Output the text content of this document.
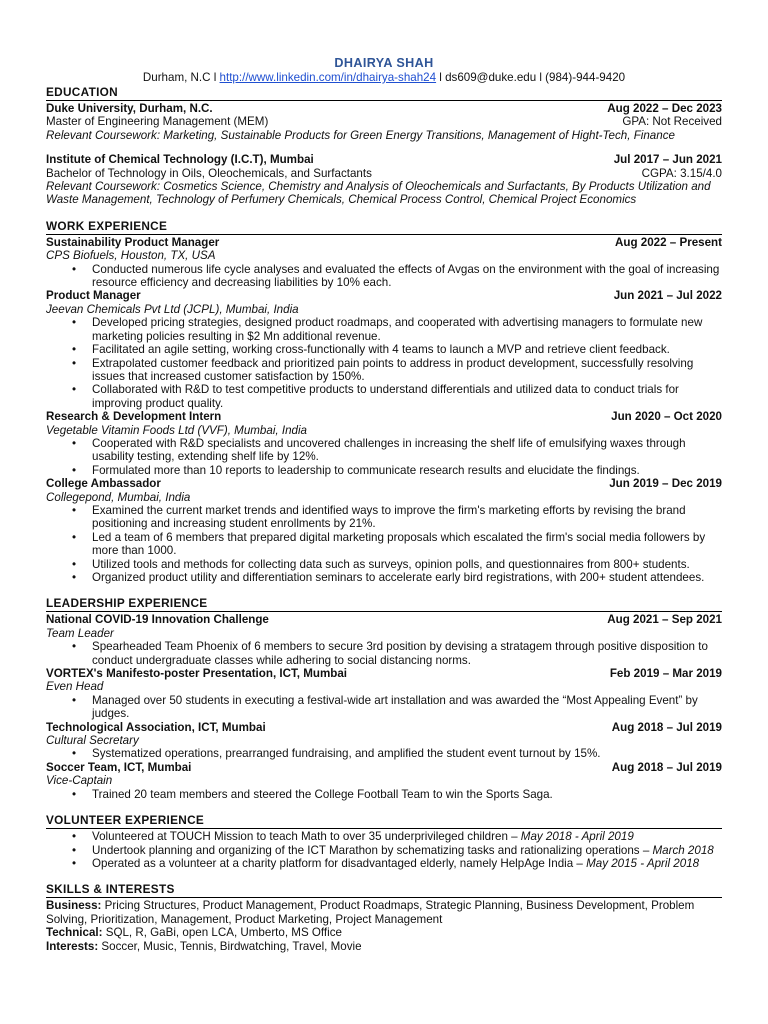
DHAIRYA SHAH
Durham, N.C l http://www.linkedin.com/in/dhairya-shah24 l ds609@duke.edu l (984)-944-9420
EDUCATION
Duke University, Durham, N.C.	Aug 2022 – Dec 2023
Master of Engineering Management (MEM)	GPA: Not Received
Relevant Coursework: Marketing, Sustainable Products for Green Energy Transitions, Management of Hight-Tech, Finance
Institute of Chemical Technology (I.C.T), Mumbai	Jul 2017 – Jun 2021
Bachelor of Technology in Oils, Oleochemicals, and Surfactants	CGPA: 3.15/4.0
Relevant Coursework: Cosmetics Science, Chemistry and Analysis of Oleochemicals and Surfactants, By Products Utilization and Waste Management, Technology of Perfumery Chemicals, Chemical Process Control, Chemical Project Economics
WORK EXPERIENCE
Sustainability Product Manager	Aug 2022 – Present
CPS Biofuels, Houston, TX, USA
• Conducted numerous life cycle analyses and evaluated the effects of Avgas on the environment with the goal of increasing resource efficiency and decreasing liabilities by 10% each.
Product Manager	Jun 2021 – Jul 2022
Jeevan Chemicals Pvt Ltd (JCPL), Mumbai, India
• Developed pricing strategies, designed product roadmaps, and cooperated with advertising managers to formulate new marketing policies resulting in $2 Mn additional revenue.
• Facilitated an agile setting, working cross-functionally with 4 teams to launch a MVP and retrieve client feedback.
• Extrapolated customer feedback and prioritized pain points to address in product development, successfully resolving issues that increased customer satisfaction by 150%.
• Collaborated with R&D to test competitive products to understand differentials and utilized data to conduct trials for improving product quality.
Research & Development Intern	Jun 2020 – Oct 2020
Vegetable Vitamin Foods Ltd (VVF), Mumbai, India
• Cooperated with R&D specialists and uncovered challenges in increasing the shelf life of emulsifying waxes through usability testing, extending shelf life by 12%.
• Formulated more than 10 reports to leadership to communicate research results and elucidate the findings.
College Ambassador	Jun 2019 – Dec 2019
Collegepond, Mumbai, India
• Examined the current market trends and identified ways to improve the firm's marketing efforts by revising the brand positioning and increasing student enrollments by 21%.
• Led a team of 6 members that prepared digital marketing proposals which escalated the firm's social media followers by more than 1000.
• Utilized tools and methods for collecting data such as surveys, opinion polls, and questionnaires from 800+ students.
• Organized product utility and differentiation seminars to accelerate early bird registrations, with 200+ student attendees.
LEADERSHIP EXPERIENCE
National COVID-19 Innovation Challenge	Aug 2021 – Sep 2021
Team Leader
• Spearheaded Team Phoenix of 6 members to secure 3rd position by devising a stratagem through positive disposition to conduct undergraduate classes while adhering to social distancing norms.
VORTEX's Manifesto-poster Presentation, ICT, Mumbai	Feb 2019 – Mar 2019
Even Head
• Managed over 50 students in executing a festival-wide art installation and was awarded the “Most Appealing Event” by judges.
Technological Association, ICT, Mumbai	Aug 2018 – Jul 2019
Cultural Secretary
• Systematized operations, prearranged fundraising, and amplified the student event turnout by 15%.
Soccer Team, ICT, Mumbai	Aug 2018 – Jul 2019
Vice-Captain
• Trained 20 team members and steered the College Football Team to win the Sports Saga.
VOLUNTEER EXPERIENCE
• Volunteered at TOUCH Mission to teach Math to over 35 underprivileged children – May 2018 - April 2019
• Undertook planning and organizing of the ICT Marathon by schematizing tasks and rationalizing operations – March 2018
• Operated as a volunteer at a charity platform for disadvantaged elderly, namely HelpAge India – May 2015 - April 2018
SKILLS & INTERESTS
Business: Pricing Structures, Product Management, Product Roadmaps, Strategic Planning, Business Development, Problem Solving, Prioritization, Management, Product Marketing, Project Management
Technical: SQL, R, GaBi, open LCA, Umberto, MS Office
Interests: Soccer, Music, Tennis, Birdwatching, Travel, Movie
